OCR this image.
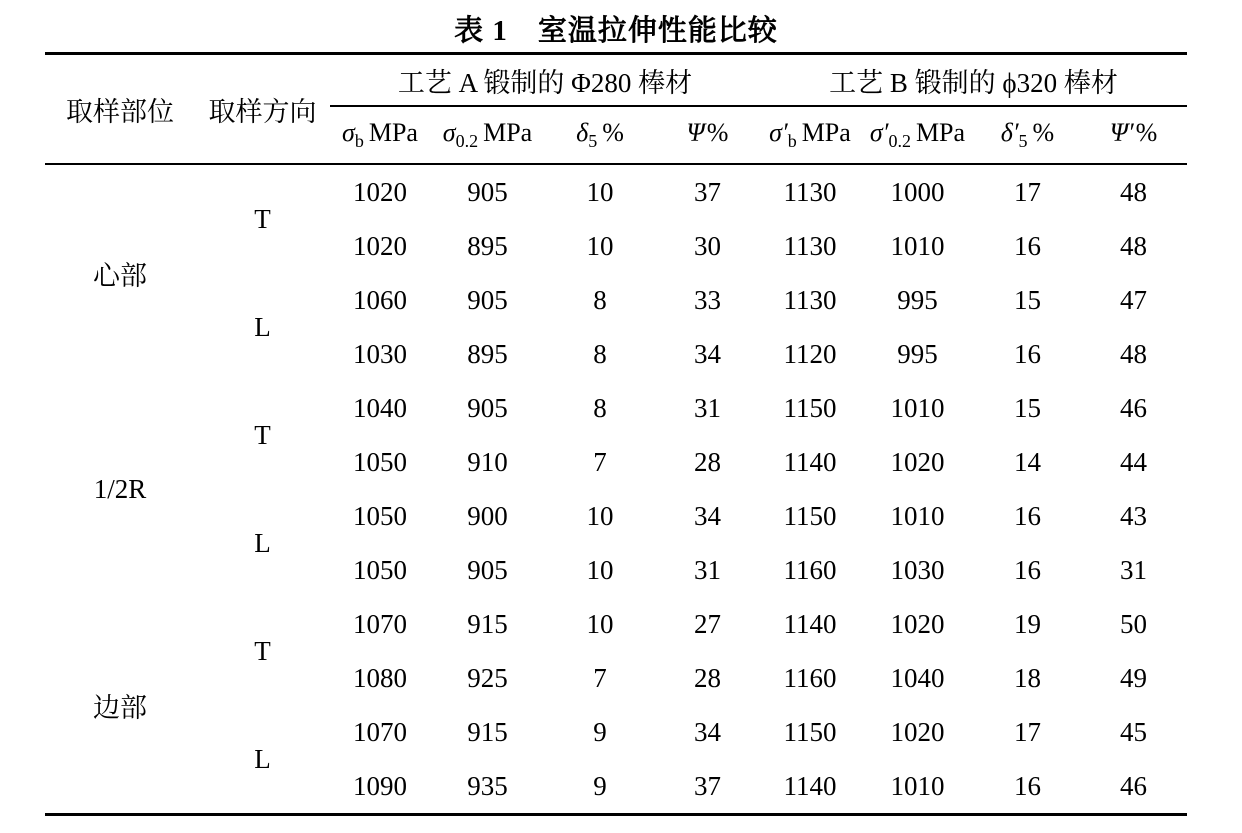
表 1　室温拉伸性能比较
取样部位	取样方向	工艺 A 锻制的 Φ280 棒材				工艺 B 锻制的 ϕ320 棒材			
		$\sigma_b$ MPa	$\sigma_{0.2}$ MPa	$\delta_5$ %	Ψ%	$\sigma'_b$ MPa	$\sigma'_{0.2}$ MPa	$\delta'_5$ %	Ψ′%
心部	T	1020	905	10	37	1130	1000	17	48
		1020	895	10	30	1130	1010	16	48
	L	1060	905	8	33	1130	995	15	47
		1030	895	8	34	1120	995	16	48
1/2R	T	1040	905	8	31	1150	1010	15	46
		1050	910	7	28	1140	1020	14	44
	L	1050	900	10	34	1150	1010	16	43
		1050	905	10	31	1160	1030	16	31
边部	T	1070	915	10	27	1140	1020	19	50
		1080	925	7	28	1160	1040	18	49
	L	1070	915	9	34	1150	1020	17	45
		1090	935	9	37	1140	1010	16	46
